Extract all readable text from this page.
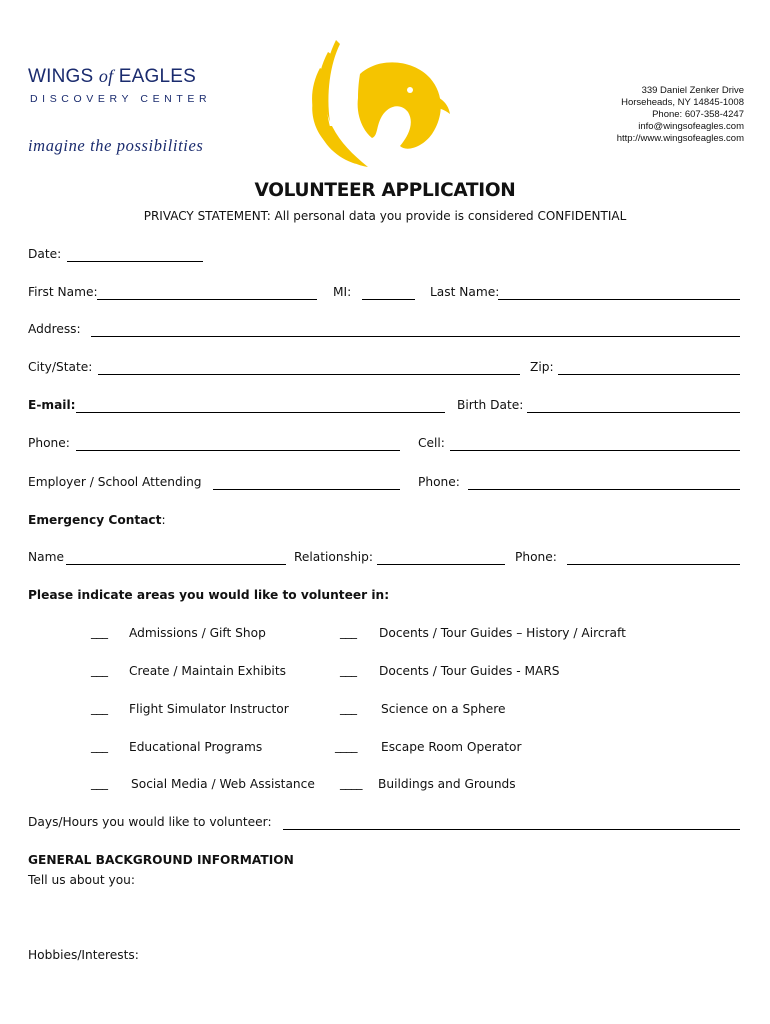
WINGS of EAGLES
DISCOVERY CENTER
imagine the possibilities
339 Daniel Zenker Drive
Horseheads, NY 14845-1008
Phone: 607-358-4247
info@wingsofeagles.com
http://www.wingsofeagles.com
VOLUNTEER APPLICATION
PRIVACY STATEMENT: All personal data you provide is considered CONFIDENTIAL
Date:
First Name:	MI:	Last Name:
Address:
City/State:	Zip:
E-mail:	Birth Date:
Phone:	Cell:
Employer / School Attending	Phone:
Emergency Contact:
Name	Relationship:	Phone:
Please indicate areas you would like to volunteer in:
___ Admissions / Gift Shop
___ Create / Maintain Exhibits
___ Flight Simulator Instructor
___ Educational Programs
___ Social Media / Web Assistance
___ Docents / Tour Guides – History / Aircraft
___ Docents / Tour Guides - MARS
___ Science on a Sphere
____ Escape Room Operator
____ Buildings and Grounds
Days/Hours you would like to volunteer:
GENERAL BACKGROUND INFORMATION
Tell us about you:
Hobbies/Interests:
